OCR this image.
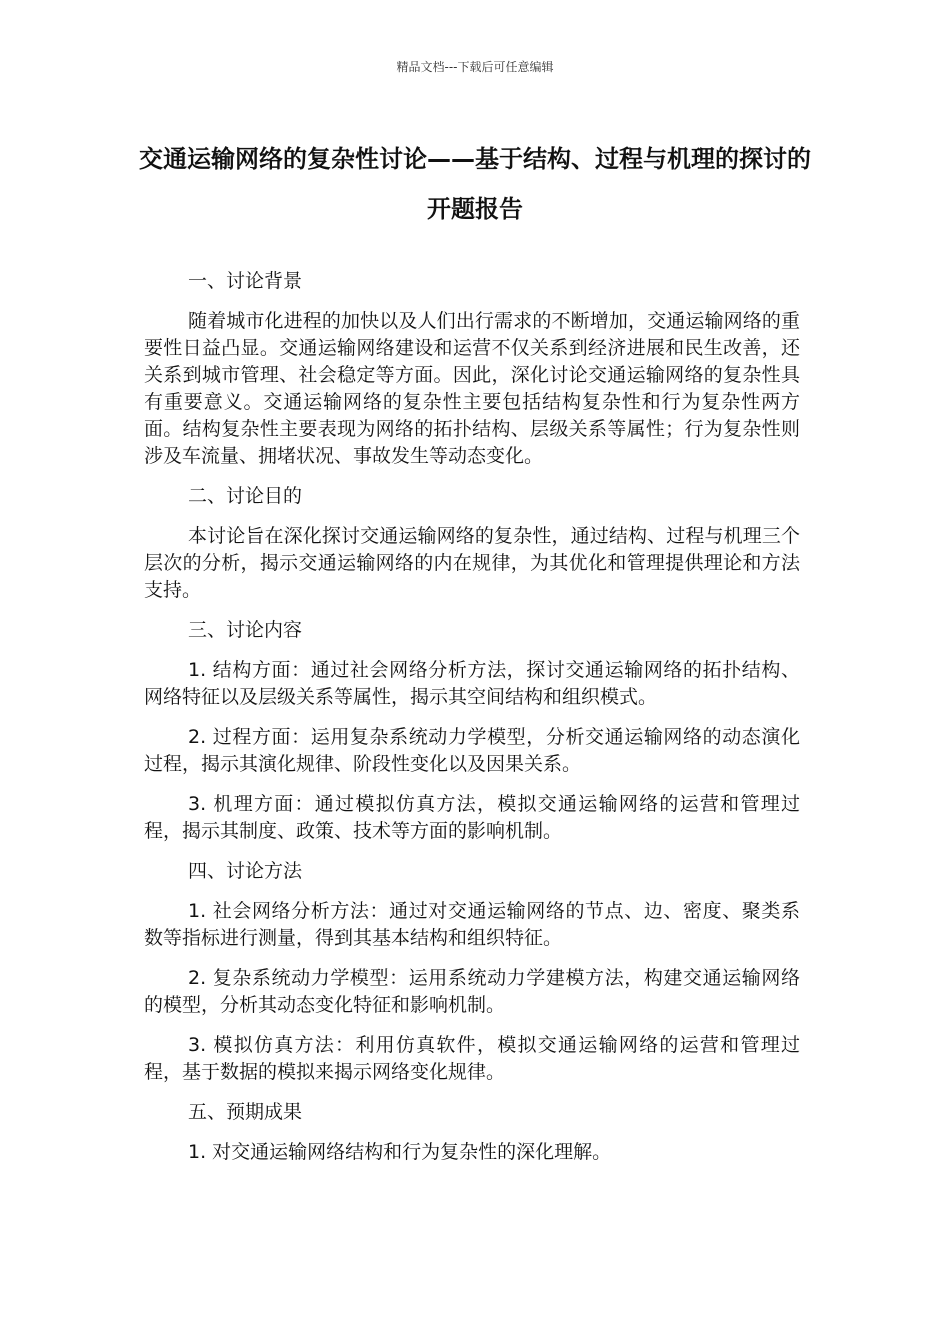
精品文档---下载后可任意编辑
交通运输网络的复杂性讨论——基于结构、过程与机理的探讨的开题报告
一、讨论背景
随着城市化进程的加快以及人们出行需求的不断增加，交通运输网络的重要性日益凸显。交通运输网络建设和运营不仅关系到经济进展和民生改善，还关系到城市管理、社会稳定等方面。因此，深化讨论交通运输网络的复杂性具有重要意义。交通运输网络的复杂性主要包括结构复杂性和行为复杂性两方面。结构复杂性主要表现为网络的拓扑结构、层级关系等属性；行为复杂性则涉及车流量、拥堵状况、事故发生等动态变化。
二、讨论目的
本讨论旨在深化探讨交通运输网络的复杂性，通过结构、过程与机理三个层次的分析，揭示交通运输网络的内在规律，为其优化和管理提供理论和方法支持。
三、讨论内容
1. 结构方面：通过社会网络分析方法，探讨交通运输网络的拓扑结构、网络特征以及层级关系等属性，揭示其空间结构和组织模式。
2. 过程方面：运用复杂系统动力学模型，分析交通运输网络的动态演化过程，揭示其演化规律、阶段性变化以及因果关系。
3. 机理方面：通过模拟仿真方法，模拟交通运输网络的运营和管理过程，揭示其制度、政策、技术等方面的影响机制。
四、讨论方法
1. 社会网络分析方法：通过对交通运输网络的节点、边、密度、聚类系数等指标进行测量，得到其基本结构和组织特征。
2. 复杂系统动力学模型：运用系统动力学建模方法，构建交通运输网络的模型，分析其动态变化特征和影响机制。
3. 模拟仿真方法：利用仿真软件，模拟交通运输网络的运营和管理过程，基于数据的模拟来揭示网络变化规律。
五、预期成果
1. 对交通运输网络结构和行为复杂性的深化理解。
